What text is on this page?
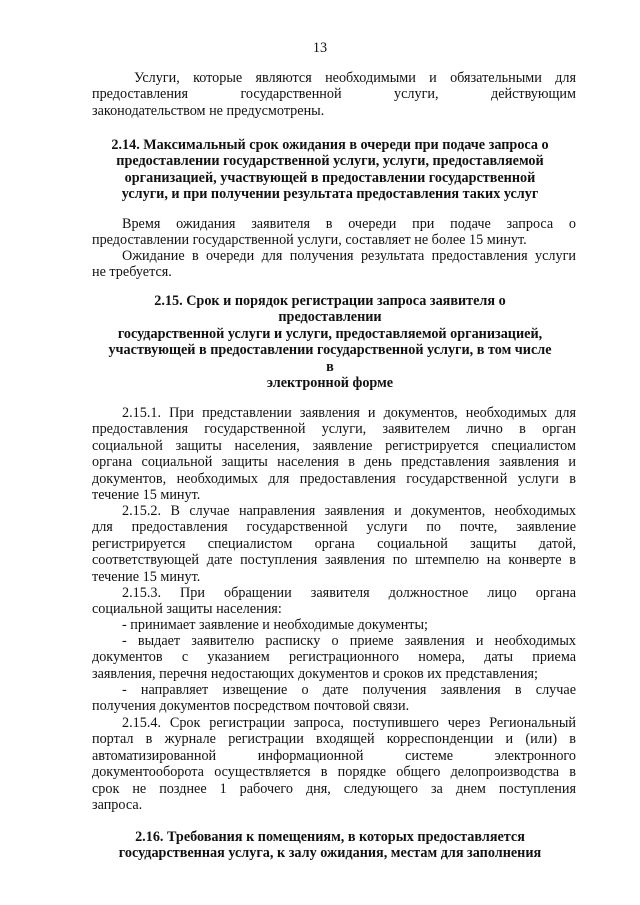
13
Услуги, которые являются необходимыми и обязательными для
предоставления государственной услуги, действующим
законодательством не предусмотрены.
2.14. Максимальный срок ожидания в очереди при подаче запроса о
предоставлении государственной услуги, услуги, предоставляемой
организацией, участвующей в предоставлении государственной
услуги, и при получении результата предоставления таких услуг
Время ожидания заявителя в очереди при подаче запроса о
предоставлении государственной услуги, составляет не более 15 минут.
Ожидание в очереди для получения результата предоставления услуги
не требуется.
2.15. Срок и порядок регистрации запроса заявителя о
предоставлении
государственной услуги и услуги, предоставляемой организацией,
участвующей в предоставлении государственной услуги, в том числе
в
электронной форме
2.15.1. При представлении заявления и документов, необходимых для
предоставления государственной услуги, заявителем лично в орган
социальной защиты населения, заявление регистрируется специалистом
органа социальной защиты населения в день представления заявления и
документов, необходимых для предоставления государственной услуги в
течение 15 минут.
2.15.2. В случае направления заявления и документов, необходимых
для предоставления государственной услуги по почте, заявление
регистрируется специалистом органа социальной защиты датой,
соответствующей дате поступления заявления по штемпелю на конверте в
течение 15 минут.
2.15.3. При обращении заявителя должностное лицо органа
социальной защиты населения:
- принимает заявление и необходимые документы;
- выдает заявителю расписку о приеме заявления и необходимых
документов с указанием регистрационного номера, даты приема
заявления, перечня недостающих документов и сроков их представления;
- направляет извещение о дате получения заявления в случае
получения документов посредством почтовой связи.
2.15.4. Срок регистрации запроса, поступившего через Региональный
портал в журнале регистрации входящей корреспонденции и (или) в
автоматизированной информационной системе электронного
документооборота осуществляется в порядке общего делопроизводства в
срок не позднее 1 рабочего дня, следующего за днем поступления
запроса.
2.16. Требования к помещениям, в которых предоставляется
государственная услуга, к залу ожидания, местам для заполнения
